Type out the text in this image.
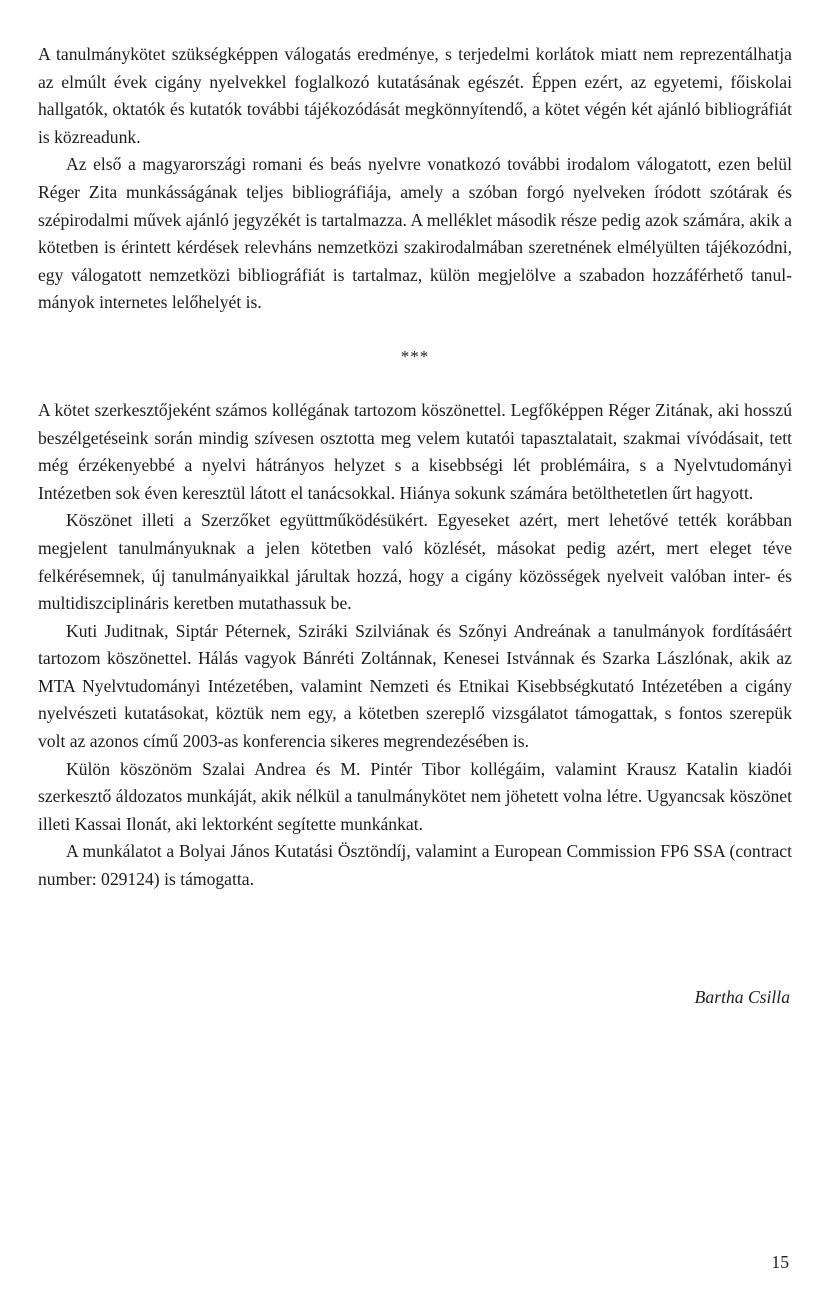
A tanulmánykötet szükségképpen válogatás eredménye, s terjedelmi korlátok miatt nem reprezentálhatja az elmúlt évek cigány nyelvekkel foglalkozó kutatásának egészét. Éppen ezért, az egyetemi, főiskolai hallgatók, oktatók és kutatók további tájékozódását megkönnyítendő, a kötet végén két ajánló bibliográfiát is közreadunk.

Az első a magyarországi romani és beás nyelvre vonatkozó további irodalom válogatott, ezen belül Réger Zita munkásságának teljes bibliográfiája, amely a szóban forgó nyelveken íródott szótárak és szépirodalmi művek ajánló jegyzékét is tartalmazza. A melléklet második része pedig azok számára, akik a kötetben is érintett kérdések relevháns nemzetközi szakirodalmában szeretnének elmélyülten tájékozódni, egy válogatott nemzetközi bibliográfiát is tartalmaz, külön megjelölve a szabadon hozzáférhető tanulmányok internetes lelőhelyét is.

***

A kötet szerkesztőjeként számos kollégának tartozom köszönettel. Legfőképpen Réger Zitának, aki hosszú beszélgetéseink során mindig szívesen osztotta meg velem kutatói tapasztalatait, szakmai vívódásait, tett még érzékenyebbé a nyelvi hátrányos helyzet s a kisebbségi lét problémáira, s a Nyelvtudományi Intézetben sok éven keresztül látott el tanácsokkal. Hiánya sokunk számára betölthetetlen űrt hagyott.

Köszönet illeti a Szerzőket együttműködésükért. Egyeseket azért, mert lehetővé tették korábban megjelent tanulmányuknak a jelen kötetben való közlését, másokat pedig azért, mert eleget téve felkérésemnek, új tanulmányaikkal járultak hozzá, hogy a cigány közösségek nyelveit valóban inter- és multidiszciplináris keretben mutathassuk be.

Kuti Juditnak, Siptár Péternek, Sziráki Szilviának és Szőnyi Andreának a tanulmányok fordításáért tartozom köszönettel. Hálás vagyok Bánréti Zoltánnak, Kenesei Istvánnak és Szarka Lászlónak, akik az MTA Nyelvtudományi Intézetében, valamint Nemzeti és Etnikai Kisebbségkutató Intézetében a cigány nyelvészeti kutatásokat, köztük nem egy, a kötetben szereplő vizsgálatot támogattak, s fontos szerepük volt az azonos című 2003-as konferencia sikeres megrendezésében is.

Külön köszönöm Szalai Andrea és M. Pintér Tibor kollégáim, valamint Krausz Katalin kiadói szerkesztő áldozatos munkáját, akik nélkül a tanulmánykötet nem jöhetett volna létre. Ugyancsak köszönet illeti Kassai Ilonát, aki lektorként segítette munkánkat.

A munkálatot a Bolyai János Kutatási Ösztöndíj, valamint a European Commission FP6 SSA (contract number: 029124) is támogatta.

Bartha Csilla
15
